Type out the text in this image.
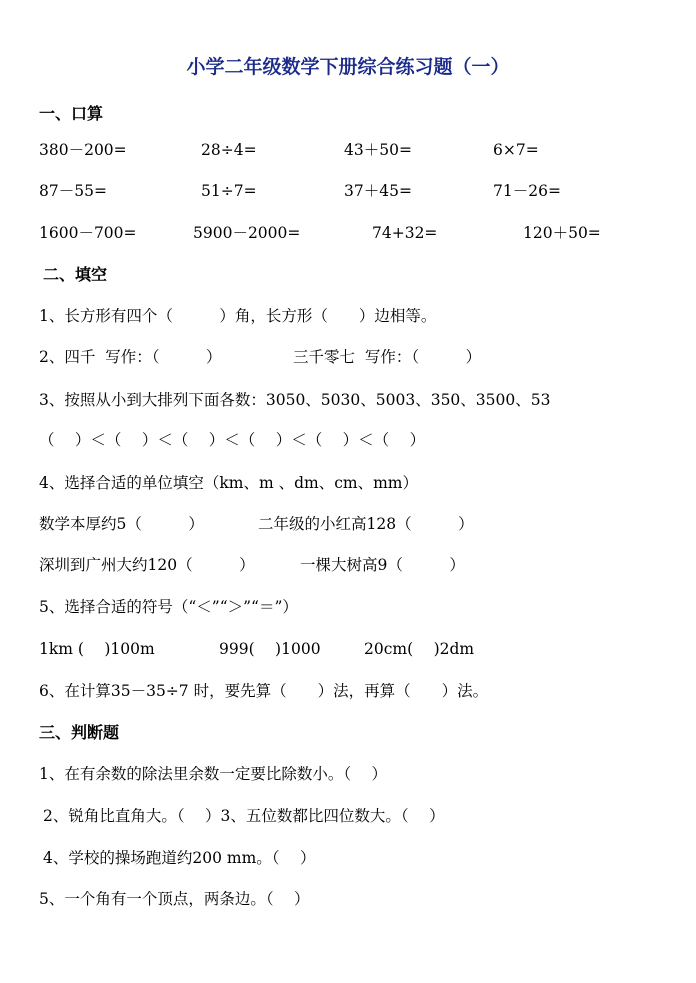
小学二年级数学下册综合练习题（一）
一、口算
380－200=	28÷4=	43＋50=	6×7=
87－55=	51÷7=	37＋45=	71－26=
1600－700=	5900－2000=	74+32=	120＋50=
二、填空
1、长方形有四个（　　　）角，长方形（　　）边相等。
2、四千  写作：（　　　）	三千零七  写作：（　　　）
3、按照从小到大排列下面各数：3050、5030、5003、350、3500、53
（　 ）＜（　 ）＜（　 ）＜（　 ）＜（　 ）＜（　 ）
4、选择合适的单位填空（km、m 、dm、cm、mm）
数学本厚约5（　　　）	二年级的小红高128（　　　）
深圳到广州大约120（　　　）	一棵大树高9（　　　）
5、选择合适的符号（“＜”“＞”“＝”）
1km (　 )100m	999(　 )1000	20cm(　 )2dm
6、在计算35－35÷7 时，要先算（　　）法，再算（　　）法。
三、判断题
1、在有余数的除法里余数一定要比除数小。（　 ）
2、锐角比直角大。（　 ）3、五位数都比四位数大。（　 ）
4、学校的操场跑道约200 mm。（　 ）
5、一个角有一个顶点，两条边。（　 ）
